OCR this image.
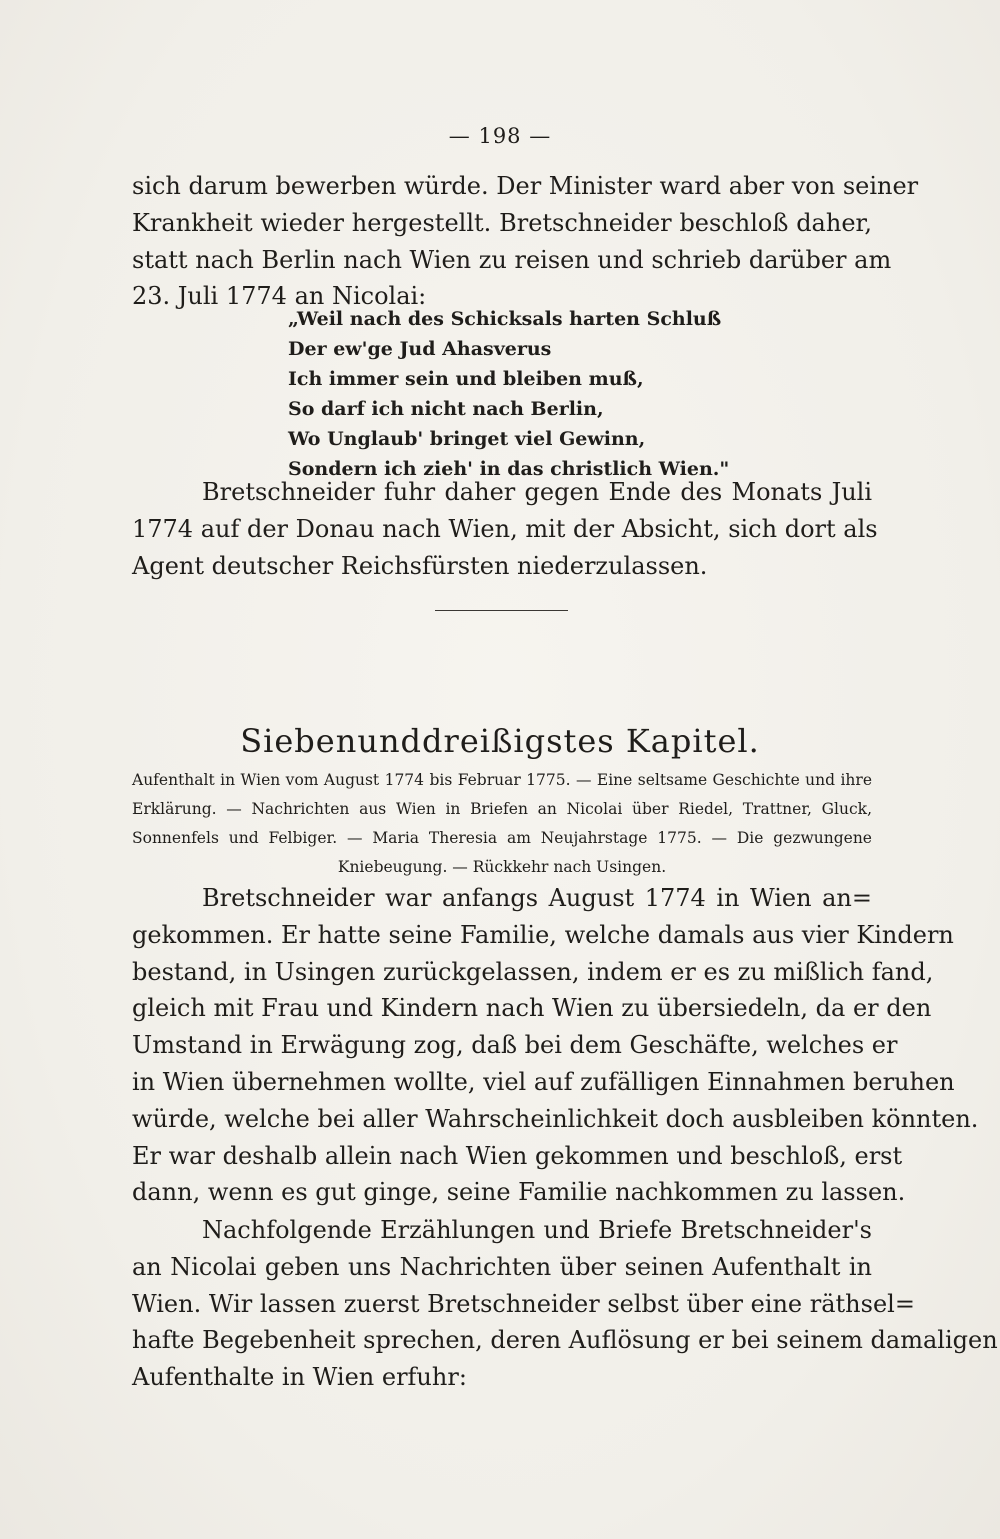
— 198 —
sich darum bewerben würde. Der Minister ward aber von seiner
Krankheit wieder hergestellt. Bretschneider beschloß daher,
statt nach Berlin nach Wien zu reisen und schrieb darüber am
23. Juli 1774 an Nicolai:
„Weil nach des Schicksals harten Schluß
Der ew'ge Jud Ahasverus
Ich immer sein und bleiben muß,
So darf ich nicht nach Berlin,
Wo Unglaub' bringet viel Gewinn,
Sondern ich zieh' in das christlich Wien."
Bretschneider fuhr daher gegen Ende des Monats Juli
1774 auf der Donau nach Wien, mit der Absicht, sich dort als
Agent deutscher Reichsfürsten niederzulassen.
Siebenunddreißigstes Kapitel.
Aufenthalt in Wien vom August 1774 bis Februar 1775. — Eine seltsame Geschichte und ihre
Erklärung. — Nachrichten aus Wien in Briefen an Nicolai über Riedel, Trattner, Gluck,
Sonnenfels und Felbiger. — Maria Theresia am Neujahrstage 1775. — Die gezwungene
Kniebeugung. — Rückkehr nach Usingen.
Bretschneider war anfangs August 1774 in Wien an=
gekommen. Er hatte seine Familie, welche damals aus vier Kindern
bestand, in Usingen zurückgelassen, indem er es zu mißlich fand,
gleich mit Frau und Kindern nach Wien zu übersiedeln, da er den
Umstand in Erwägung zog, daß bei dem Geschäfte, welches er
in Wien übernehmen wollte, viel auf zufälligen Einnahmen beruhen
würde, welche bei aller Wahrscheinlichkeit doch ausbleiben könnten.
Er war deshalb allein nach Wien gekommen und beschloß, erst
dann, wenn es gut ginge, seine Familie nachkommen zu lassen.
Nachfolgende Erzählungen und Briefe Bretschneider's
an Nicolai geben uns Nachrichten über seinen Aufenthalt in
Wien. Wir lassen zuerst Bretschneider selbst über eine räthsel=
hafte Begebenheit sprechen, deren Auflösung er bei seinem damaligen
Aufenthalte in Wien erfuhr:
